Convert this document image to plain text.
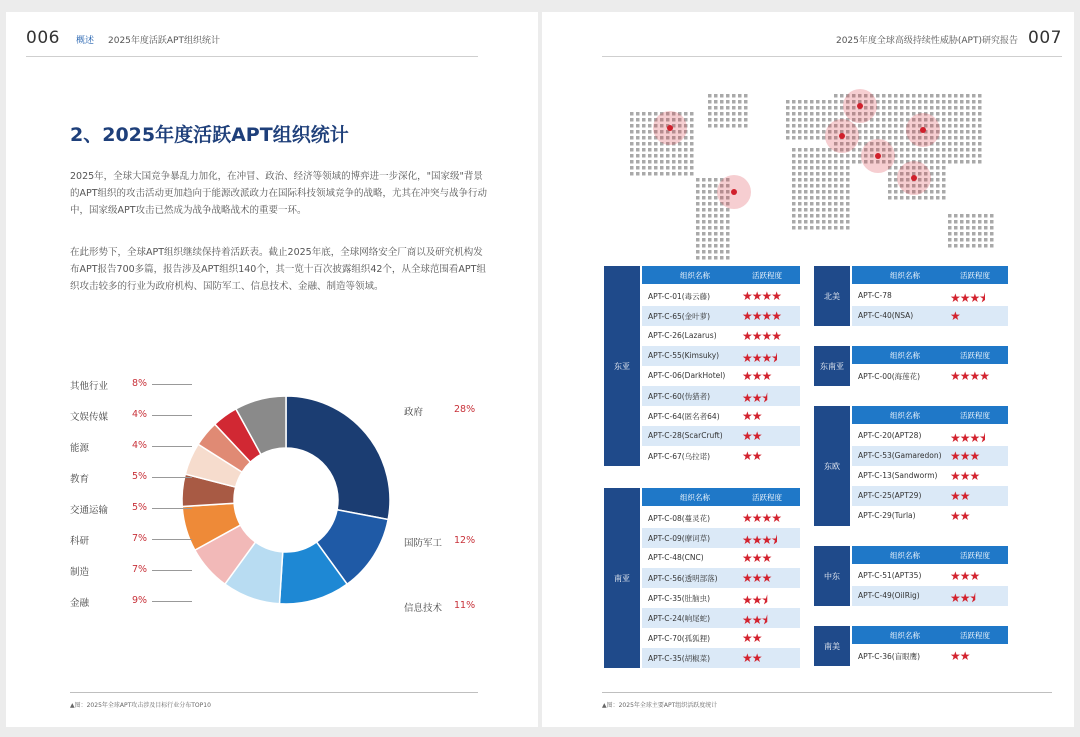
006 概述 2025年度活跃APT组织统计
2、2025年度活跃APT组织统计
2025年，全球大国竞争暴乱力加化，在冲冒、政治、经济等领域的博弈进一步深化，"国家级"背景的APT组织的攻击活动更加趋向于能源改派政力在国际科技领域竞争的战略，尤其在冲突与战争行动中，国家级APT攻击已然成为战争战略战术的重要一环。
在此形势下，全球APT组织继续保持着活跃表。截止2025年底，全球网络安全厂商以及研究机构发布APT报告700多篇，报告涉及APT组织140个，其一览十百次披露组织42个，从全球范围看APT组织攻击较多的行业为政府机构、国防军工、信息技术、金融、制造等领域。
▲图：2025年全球APT攻击涉及目标行业分布TOP10
其他行业	8%
文娱传媒	4%
能源	4%
教育	5%
交通运输	5%
科研	7%
制造	7%
金融	9%
政府	28%
国防军工 12%
信息技术 11%
2025年度全球高级持续性威胁(APT)研究报告 007
东亚
组织名称	活跃程度
APT-C-01(毒云藤)	★★★★
APT-C-65(金叶萝)	★★★★
APT-C-26(Lazarus) ★★★★
APT-C-55(Kimsuky) ★★★⯨
APT-C-06(DarkHotel) ★★★
APT-C-60(伪猎者)	★★⯨
APT-C-64(匿名者64) ★★
APT-C-28(ScarCruft) ★★
APT-C-67(乌拉诺)	★★
南亚
组织名称	活跃程度
APT-C-08(蔓灵花)	★★★★
APT-C-09(摩诃草)	★★★⯨
APT-C-48(CNC)	★★★
APT-C-56(透明部落) ★★★
APT-C-35(肚脑虫)	★★⯨
APT-C-24(响尾蛇)	★★⯨
APT-C-70(孤狐狸)	★★
APT-C-35(胡椒菜)	★★
北美
组织名称	活跃程度
APT-C-78	★★★⯨
APT-C-40(NSA)	★
东南亚
组织名称	活跃程度
APT-C-00(海莲花) ★★★★
东欧
组织名称	活跃程度
APT-C-20(APT28) ★★★⯨
APT-C-53(Gamaredon) ★★★
APT-C-13(Sandworm) ★★★
APT-C-25(APT29) ★★
APT-C-29(Turla)	★★
中东
组织名称	活跃程度
APT-C-51(APT35) ★★★
APT-C-49(OilRig)	★★⯨
南美
组织名称	活跃程度
APT-C-36(盲眼鹰) ★★
▲图：2025年全球主要APT组织活跃度统计
